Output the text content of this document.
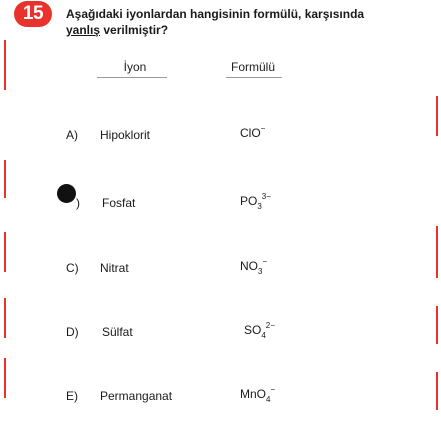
15	Aşağıdaki iyonlardan hangisinin formülü, karşısında
yanlış verilmiştir?
İyon	Formülü
A) Hipoklorit	ClO−
) Fosfat	$PO_3^{3-}$
C) Nitrat	$NO_3^-$
D) Sülfat	$SO_4^{2-}$
E) Permanganat	MnO$_4$−
